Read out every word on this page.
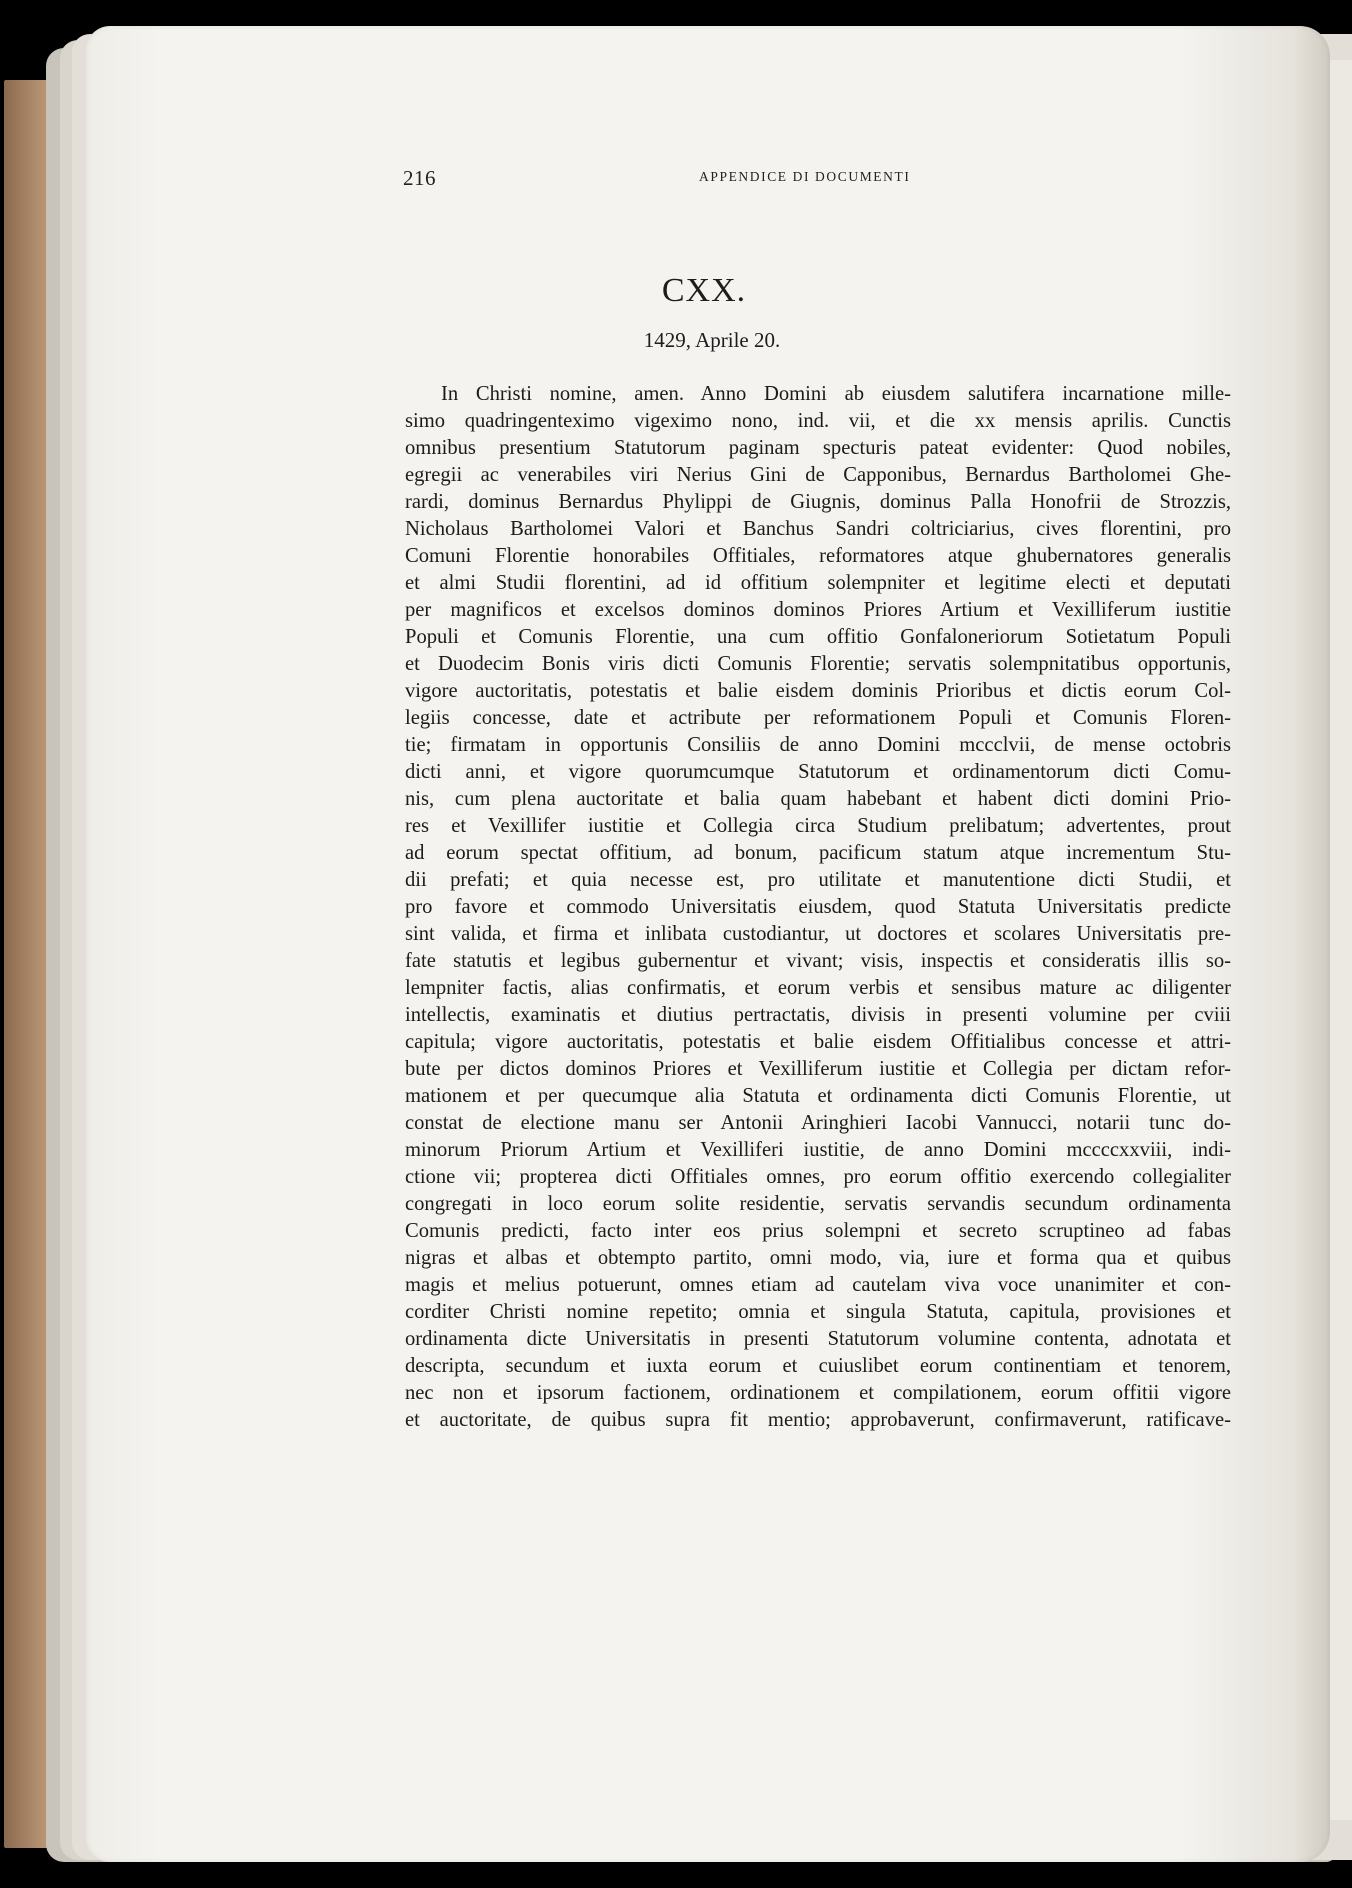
216	APPENDICE DI DOCUMENTI
CXX.
1429, Aprile 20.
In Christi nomine, amen. Anno Domini ab eiusdem salutifera incarnatione mille-
simo quadringenteximo vigeximo nono, ind. vii, et die xx mensis aprilis. Cunctis
omnibus presentium Statutorum paginam specturis pateat evidenter: Quod nobiles,
egregii ac venerabiles viri Nerius Gini de Capponibus, Bernardus Bartholomei Ghe-
rardi, dominus Bernardus Phylippi de Giugnis, dominus Palla Honofrii de Strozzis,
Nicholaus Bartholomei Valori et Banchus Sandri coltriciarius, cives florentini, pro
Comuni Florentie honorabiles Offitiales, reformatores atque ghubernatores generalis
et almi Studii florentini, ad id offitium solempniter et legitime electi et deputati
per magnificos et excelsos dominos dominos Priores Artium et Vexilliferum iustitie
Populi et Comunis Florentie, una cum offitio Gonfaloneriorum Sotietatum Populi
et Duodecim Bonis viris dicti Comunis Florentie; servatis solempnitatibus opportunis,
vigore auctoritatis, potestatis et balie eisdem dominis Prioribus et dictis eorum Col-
legiis concesse, date et actribute per reformationem Populi et Comunis Floren-
tie; firmatam in opportunis Consiliis de anno Domini mccclvii, de mense octobris
dicti anni, et vigore quorumcumque Statutorum et ordinamentorum dicti Comu-
nis, cum plena auctoritate et balia quam habebant et habent dicti domini Prio-
res et Vexillifer iustitie et Collegia circa Studium prelibatum; advertentes, prout
ad eorum spectat offitium, ad bonum, pacificum statum atque incrementum Stu-
dii prefati; et quia necesse est, pro utilitate et manutentione dicti Studii, et
pro favore et commodo Universitatis eiusdem, quod Statuta Universitatis predicte
sint valida, et firma et inlibata custodiantur, ut doctores et scolares Universitatis pre-
fate statutis et legibus gubernentur et vivant; visis, inspectis et consideratis illis so-
lempniter factis, alias confirmatis, et eorum verbis et sensibus mature ac diligenter
intellectis, examinatis et diutius pertractatis, divisis in presenti volumine per cviii
capitula; vigore auctoritatis, potestatis et balie eisdem Offitialibus concesse et attri-
bute per dictos dominos Priores et Vexilliferum iustitie et Collegia per dictam refor-
mationem et per quecumque alia Statuta et ordinamenta dicti Comunis Florentie, ut
constat de electione manu ser Antonii Aringhieri Iacobi Vannucci, notarii tunc do-
minorum Priorum Artium et Vexilliferi iustitie, de anno Domini mccccxxviii, indi-
ctione vii; propterea dicti Offitiales omnes, pro eorum offitio exercendo collegialiter
congregati in loco eorum solite residentie, servatis servandis secundum ordinamenta
Comunis predicti, facto inter eos prius solempni et secreto scruptineo ad fabas
nigras et albas et obtempto partito, omni modo, via, iure et forma qua et quibus
magis et melius potuerunt, omnes etiam ad cautelam viva voce unanimiter et con-
corditer Christi nomine repetito; omnia et singula Statuta, capitula, provisiones et
ordinamenta dicte Universitatis in presenti Statutorum volumine contenta, adnotata et
descripta, secundum et iuxta eorum et cuiuslibet eorum continentiam et tenorem,
nec non et ipsorum factionem, ordinationem et compilationem, eorum offitii vigore
et auctoritate, de quibus supra fit mentio; approbaverunt, confirmaverunt, ratificave-
